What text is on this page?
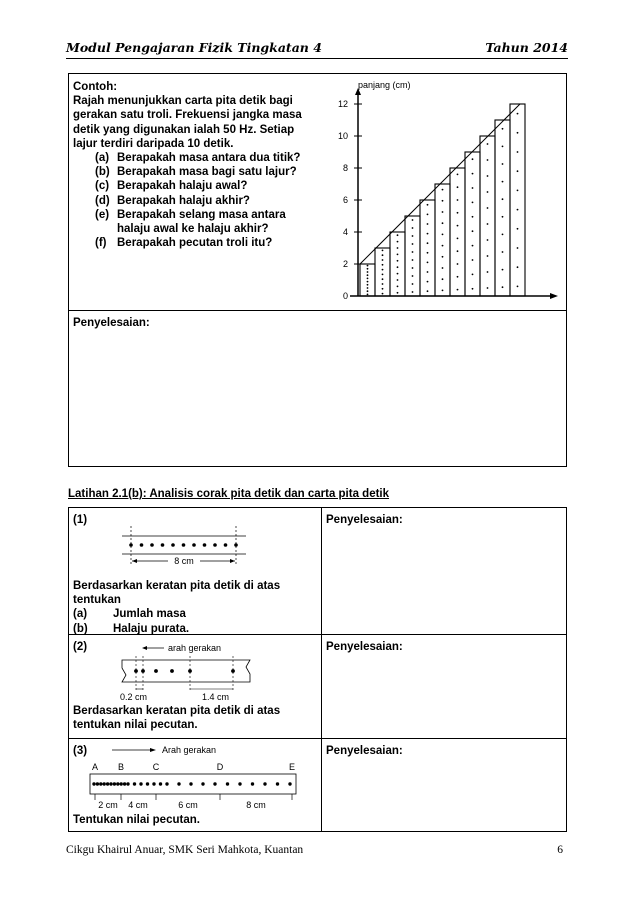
Modul Pengajaran Fizik Tingkatan 4	Tahun 2014
Contoh:
Rajah menunjukkan carta pita detik bagi gerakan satu troli. Frekuensi jangka masa detik yang digunakan ialah 50 Hz. Setiap lajur terdiri daripada 10 detik.
(a) Berapakah masa antara dua titik?
(b) Berapakah masa bagi satu lajur?
(c) Berapakah halaju awal?
(d) Berapakah halaju akhir?
(e) Berapakah selang masa antara halaju awal ke halaju akhir?
(f) Berapakah pecutan troli itu?
panjang (cm)
0
2
4
6
8
10
12
Penyelesaian:
Latihan 2.1(b): Analisis corak pita detik dan carta pita detik
(1)	Penyelesaian:
8 cm
Berdasarkan keratan pita detik di atas tentukan
(a)	Jumlah masa
(b)	Halaju purata.
(2)	Penyelesaian:
arah gerakan
0.2 cm	1.4 cm
Berdasarkan keratan pita detik di atas tentukan nilai pecutan.
(3)	Penyelesaian:
Arah gerakan
A B	C	D	E
2 cm 4 cm	6 cm	8 cm
Tentukan nilai pecutan.
Cikgu Khairul Anuar, SMK Seri Mahkota, Kuantan	6
